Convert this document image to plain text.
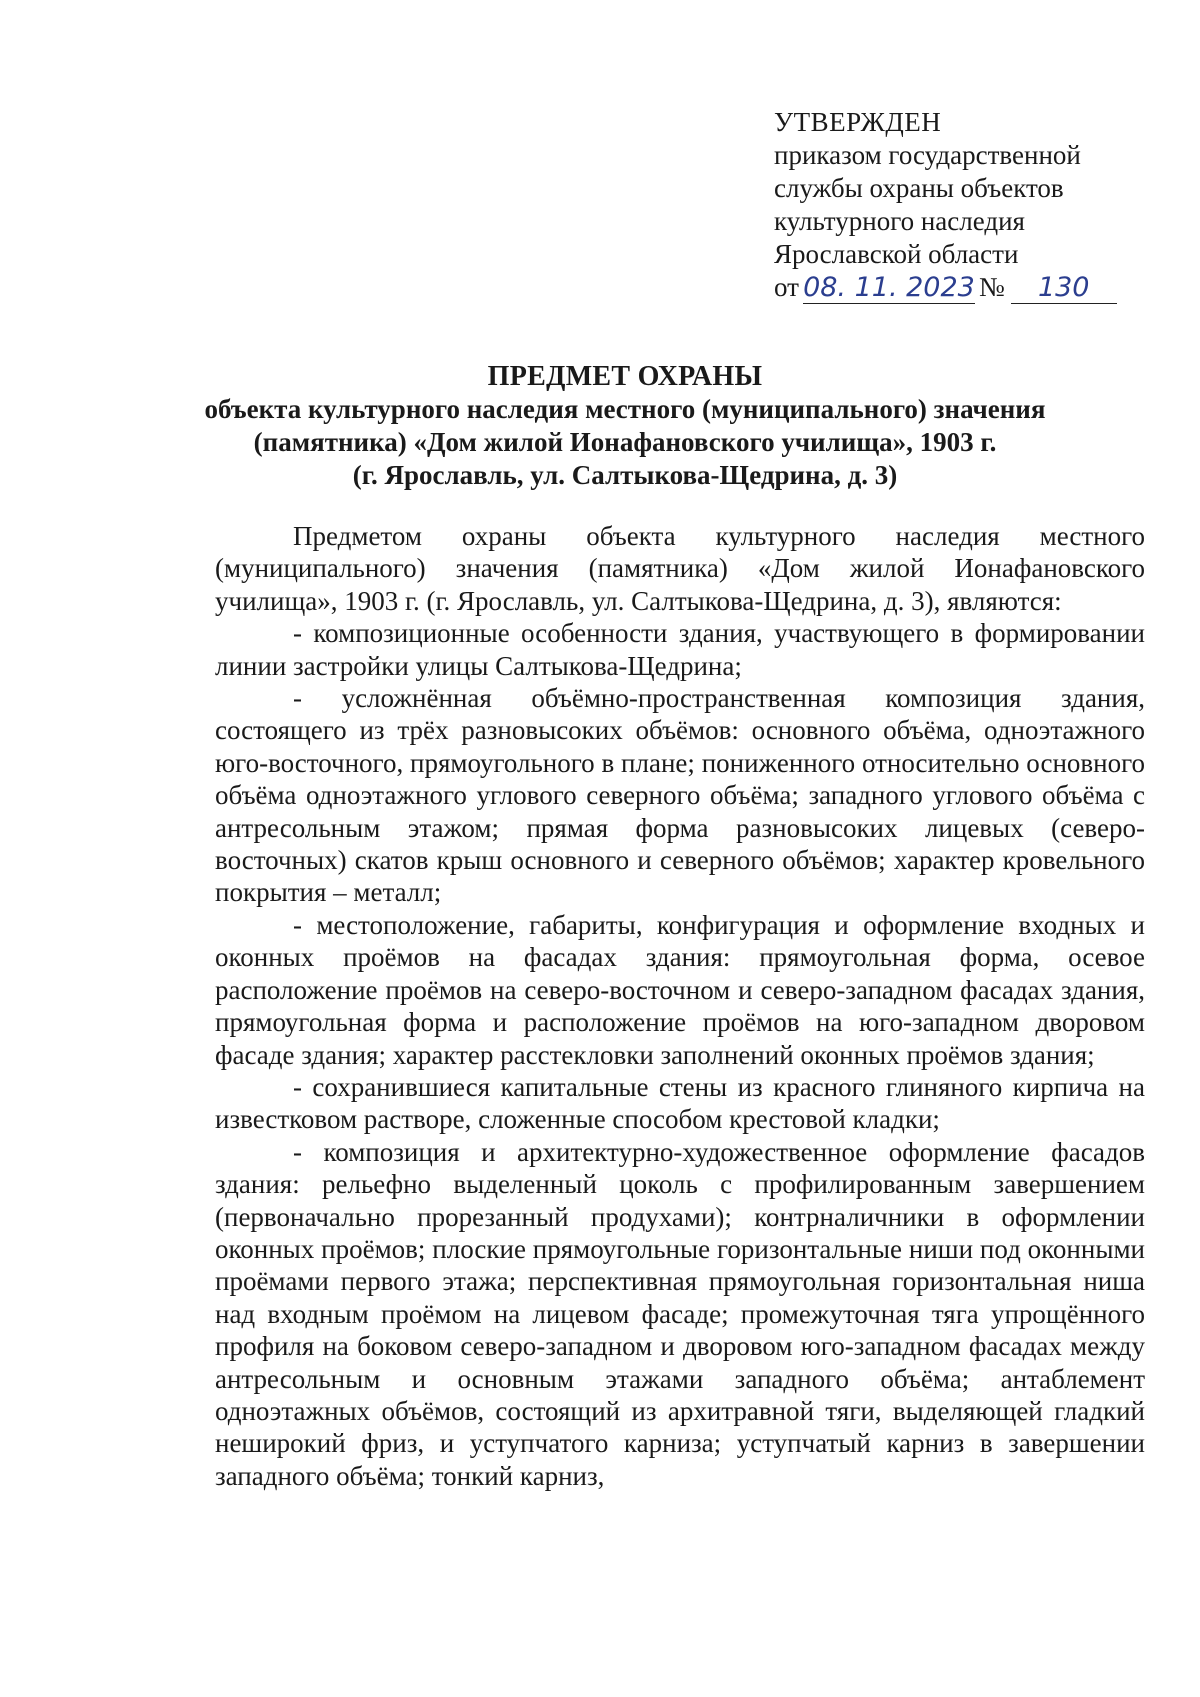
УТВЕРЖДЕН
приказом государственной
службы охраны объектов
культурного наследия
Ярославской области
от 08. 11. 2023 № 130
ПРЕДМЕТ ОХРАНЫ
объекта культурного наследия местного (муниципального) значения
(памятника) «Дом жилой Ионафановского училища», 1903 г.
(г. Ярославль, ул. Салтыкова-Щедрина, д. 3)

Предметом охраны объекта культурного наследия местного (муниципального) значения (памятника) «Дом жилой Ионафановского училища», 1903 г. (г. Ярославль, ул. Салтыкова-Щедрина, д. 3), являются:

- композиционные особенности здания, участвующего в формировании линии застройки улицы Салтыкова-Щедрина;

- усложнённая объёмно-пространственная композиция здания, состоящего из трёх разновысоких объёмов: основного объёма, одноэтажного юго-восточного, прямоугольного в плане; пониженного относительно основного объёма одноэтажного углового северного объёма; западного углового объёма с антресольным этажом; прямая форма разновысоких лицевых (северо-восточных) скатов крыш основного и северного объёмов; характер кровельного покрытия – металл;

- местоположение, габариты, конфигурация и оформление входных и оконных проёмов на фасадах здания: прямоугольная форма, осевое расположение проёмов на северо-восточном и северо-западном фасадах здания, прямоугольная форма и расположение проёмов на юго-западном дворовом фасаде здания; характер расстекловки заполнений оконных проёмов здания;

- сохранившиеся капитальные стены из красного глиняного кирпича на известковом растворе, сложенные способом крестовой кладки;

- композиция и архитектурно-художественное оформление фасадов здания: рельефно выделенный цоколь с профилированным завершением (первоначально прорезанный продухами); контрналичники в оформлении оконных проёмов; плоские прямоугольные горизонтальные ниши под оконными проёмами первого этажа; перспективная прямоугольная горизонтальная ниша над входным проёмом на лицевом фасаде; промежуточная тяга упрощённого профиля на боковом северо-западном и дворовом юго-западном фасадах между антресольным и основным этажами западного объёма; антаблемент одноэтажных объёмов, состоящий из архитравной тяги, выделяющей гладкий неширокий фриз, и уступчатого карниза; уступчатый карниз в завершении западного объёма; тонкий карниз,
